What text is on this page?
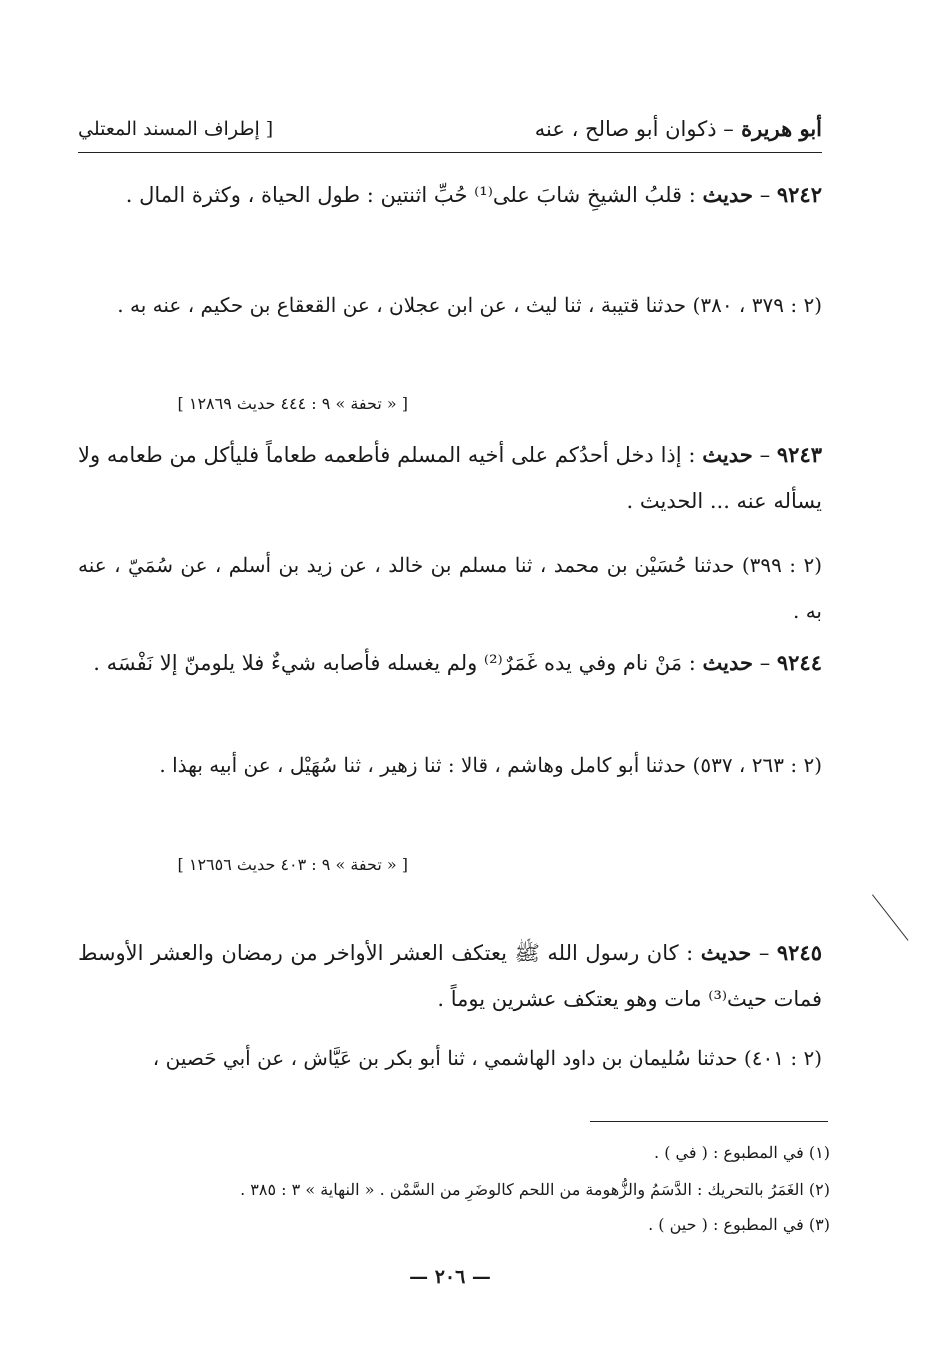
أبو هريرة – ذكوان أبو صالح ، عنه
[ إطراف المسند المعتلي

٩٢٤٢ – حديث : قلبُ الشيخِ شابَ على⁽¹⁾ حُبِّ اثنتين : طول الحياة ، وكثرة المال .

(٢ : ٣٧٩ ، ٣٨٠) حدثنا قتيبة ، ثنا ليث ، عن ابن عجلان ، عن القعقاع بن حكيم ، عنه به .

[ « تحفة » ٩ : ٤٤٤ حديث ١٢٨٦٩ ]

٩٢٤٣ – حديث : إذا دخل أحدُكم على أخيه المسلم فأطعمه طعاماً فليأكل من طعامه ولا يسأله عنه ... الحديث .

(٢ : ٣٩٩) حدثنا حُسَيْن بن محمد ، ثنا مسلم بن خالد ، عن زيد بن أسلم ، عن سُمَيّ ، عنه به .

٩٢٤٤ – حديث : مَنْ نام وفي يده غَمَرٌ⁽²⁾ ولم يغسله فأصابه شيءٌ فلا يلومنّ إلا نَفْسَه .

(٢ : ٢٦٣ ، ٥٣٧) حدثنا أبو كامل وهاشم ، قالا : ثنا زهير ، ثنا سُهَيْل ، عن أبيه بهذا .

[ « تحفة » ٩ : ٤٠٣ حديث ١٢٦٥٦ ]

٩٢٤٥ – حديث : كان رسول الله ﷺ يعتكف العشر الأواخر من رمضان والعشر الأوسط فمات حيث⁽³⁾ مات وهو يعتكف عشرين يوماً .

(٢ : ٤٠١) حدثنا سُليمان بن داود الهاشمي ، ثنا أبو بكر بن عَيَّاش ، عن أبي حَصين ،

(١) في المطبوع : ( في ) .
(٢) الغَمَرُ بالتحريك : الدَّسَمُ والزُّهومة من اللحم كالوضَرِ من السَّمْن . « النهاية » ٣ : ٣٨٥ .
(٣) في المطبوع : ( حين ) .
— ٢٠٦ —
